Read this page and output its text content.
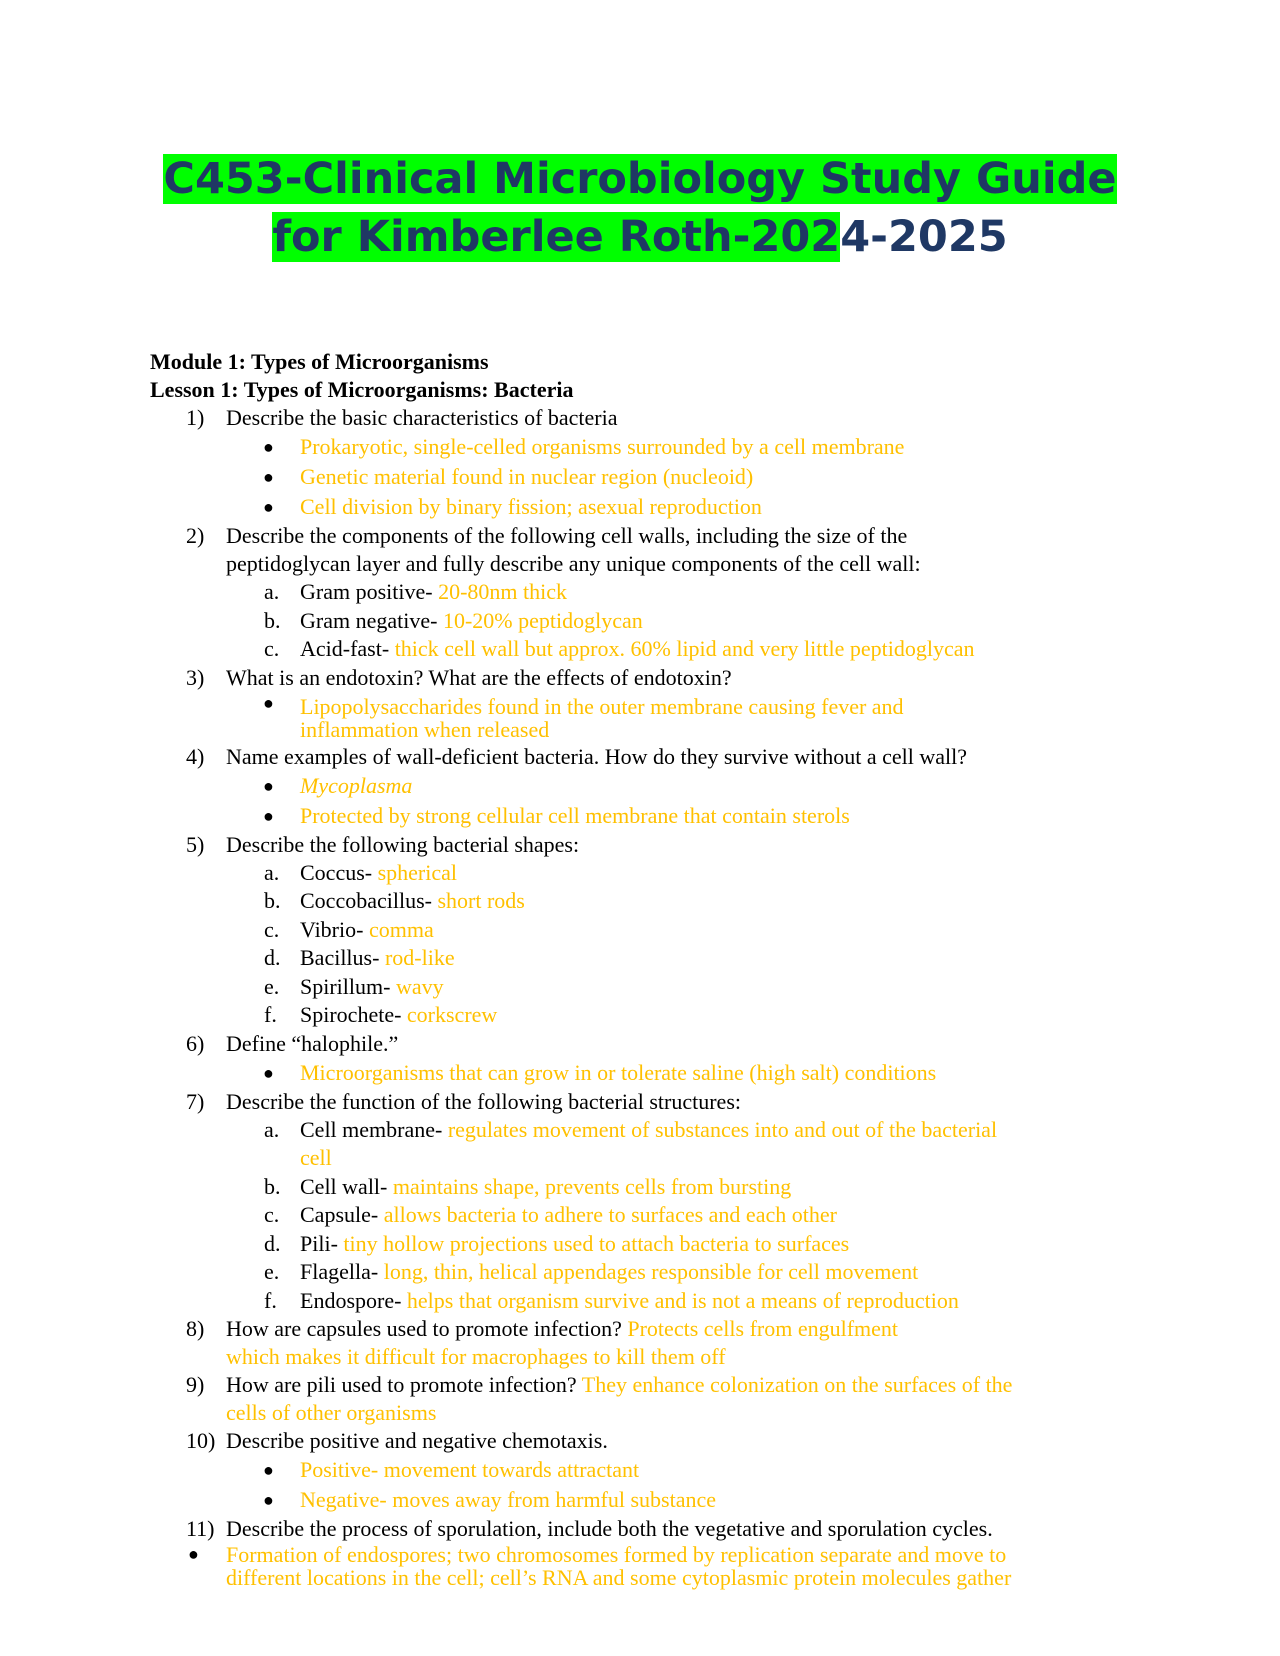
C453-Clinical Microbiology Study Guide
for Kimberlee Roth-2024-2025
Module 1: Types of Microorganisms
Lesson 1: Types of Microorganisms: Bacteria
1) Describe the basic characteristics of bacteria
● Prokaryotic, single-celled organisms surrounded by a cell membrane
● Genetic material found in nuclear region (nucleoid)
● Cell division by binary fission; asexual reproduction
2) Describe the components of the following cell walls, including the size of the
peptidoglycan layer and fully describe any unique components of the cell wall:
a. Gram positive- 20-80nm thick
b. Gram negative- 10-20% peptidoglycan
c. Acid-fast- thick cell wall but approx. 60% lipid and very little peptidoglycan
3) What is an endotoxin? What are the effects of endotoxin?
● Lipopolysaccharides found in the outer membrane causing fever and
inflammation when released
4) Name examples of wall-deficient bacteria. How do they survive without a cell wall?
● Mycoplasma
● Protected by strong cellular cell membrane that contain sterols
5) Describe the following bacterial shapes:
a. Coccus- spherical
b. Coccobacillus- short rods
c. Vibrio- comma
d. Bacillus- rod-like
e. Spirillum- wavy
f. Spirochete- corkscrew
6) Define “halophile.”
● Microorganisms that can grow in or tolerate saline (high salt) conditions
7) Describe the function of the following bacterial structures:
a. Cell membrane- regulates movement of substances into and out of the bacterial
cell
b. Cell wall- maintains shape, prevents cells from bursting
c. Capsule- allows bacteria to adhere to surfaces and each other
d. Pili- tiny hollow projections used to attach bacteria to surfaces
e. Flagella- long, thin, helical appendages responsible for cell movement
f. Endospore- helps that organism survive and is not a means of reproduction
8) How are capsules used to promote infection? Protects cells from engulfment
which makes it difficult for macrophages to kill them off
9) How are pili used to promote infection? They enhance colonization on the surfaces of the
cells of other organisms
10) Describe positive and negative chemotaxis.
● Positive- movement towards attractant
● Negative- moves away from harmful substance
11) Describe the process of sporulation, include both the vegetative and sporulation cycles.
● Formation of endospores; two chromosomes formed by replication separate and move to
different locations in the cell; cell’s RNA and some cytoplasmic protein molecules gather
